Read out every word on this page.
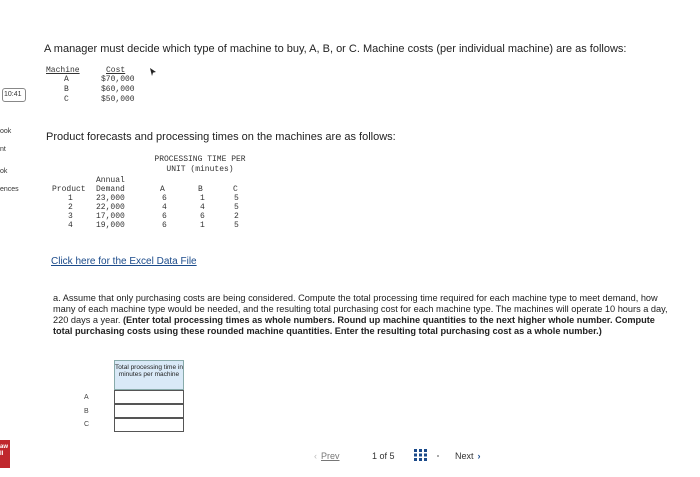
ook
nt
ok
ences
10:41
aw
II
A manager must decide which type of machine to buy, A, B, or C. Machine costs (per individual machine) are as follows:
Machine	Cost
A	$70,000
B	$60,000
C	$50,000
Product forecasts and processing times on the machines are as follows:
PROCESSING TIME PER
UNIT (minutes)
Annual
Product Demand	A	B	C
1	23,000	6	1	5
2	22,000	4	4	5
3	17,000	6	6	2
4	19,000	6	1	5
Click here for the Excel Data File
a. Assume that only purchasing costs are being considered. Compute the total processing time required for each machine type to meet demand, how many of each machine type would be needed, and the resulting total purchasing cost for each machine type. The machines will operate 10 hours a day, 220 days a year. (Enter total processing times as whole numbers. Round up machine quantities to the next higher whole number. Compute total purchasing costs using these rounded machine quantities. Enter the resulting total purchasing cost as a whole number.)
Total processing time in minutes per machine
A
B
C
‹ Prev	1 of 5	Next ›
